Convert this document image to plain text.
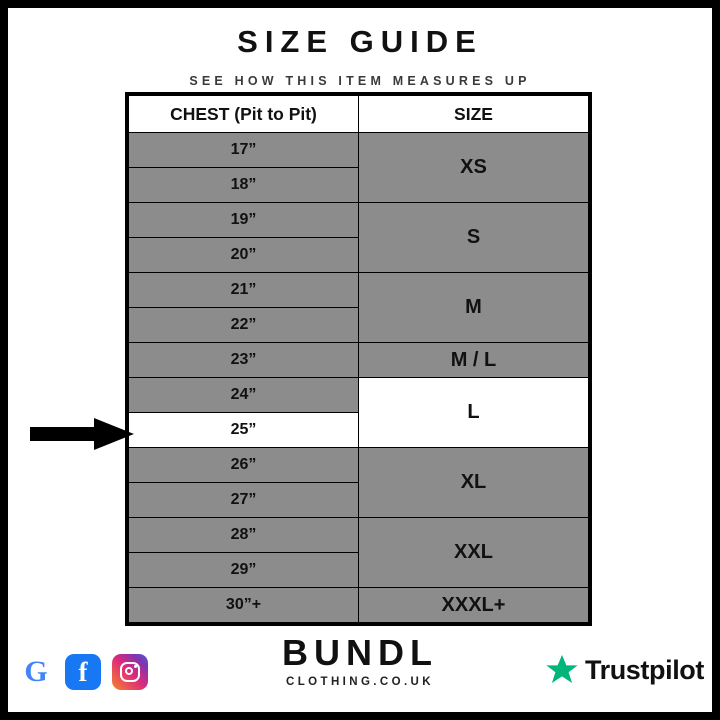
SIZE GUIDE
SEE HOW THIS ITEM MEASURES UP
CHEST (Pit to Pit)	SIZE
17”	XS
18”	
19”	S
20”	
21”	M
22”	
23”	M / L
24”	L
25”	
26”	XL
27”	
28”	XXL
29”	
30”+	XXXL+
G f	BUNDL
CLOTHING.CO.UK	Trustpilot
